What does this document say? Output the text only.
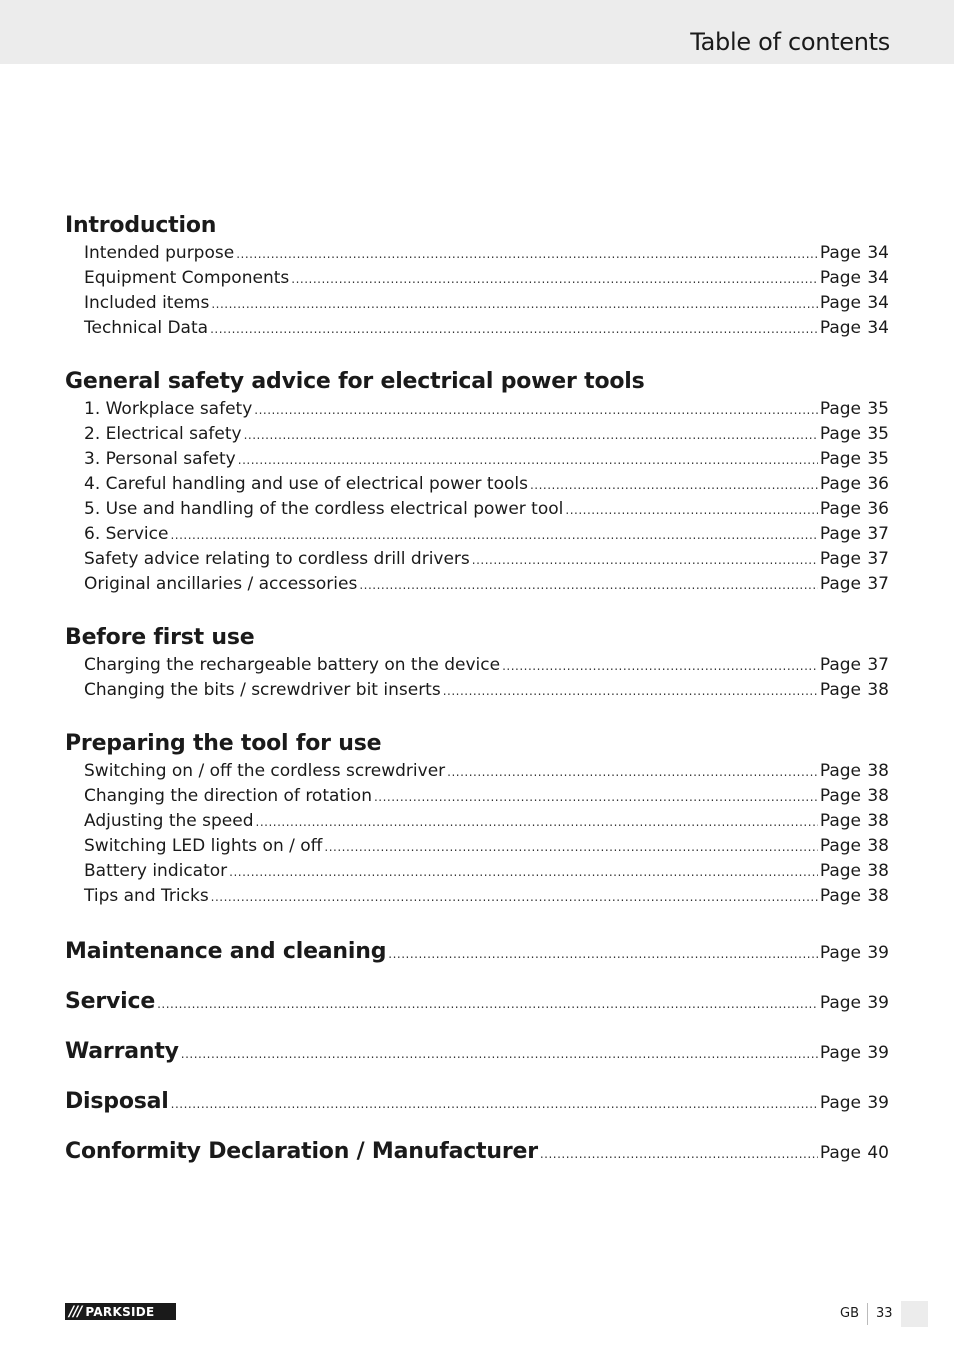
Table of contents
Introduction
Intended purpose .....	Page 34
Equipment Components .....	Page 34
Included items .....	Page 34
Technical Data .....	Page 34
General safety advice for electrical power tools
1. Workplace safety .....	Page 35
2. Electrical safety .....	Page 35
3. Personal safety .....	Page 35
4. Careful handling and use of electrical power tools .....	Page 36
5. Use and handling of the cordless electrical power tool .....	Page 36
6. Service .....	Page 37
Safety advice relating to cordless drill drivers .....	Page 37
Original ancillaries / accessories .....	Page 37
Before first use
Charging the rechargeable battery on the device .....	Page 37
Changing the bits / screwdriver bit inserts .....	Page 38
Preparing the tool for use
Switching on / off the cordless screwdriver .....	Page 38
Changing the direction of rotation .....	Page 38
Adjusting the speed .....	Page 38
Switching LED lights on / off .....	Page 38
Battery indicator .....	Page 38
Tips and Tricks .....	Page 38
Maintenance and cleaning .....	Page 39
Service .....	Page 39
Warranty .....	Page 39
Disposal .....	Page 39
Conformity Declaration / Manufacturer .....	Page 40
/// PARKSIDE	GB 33
